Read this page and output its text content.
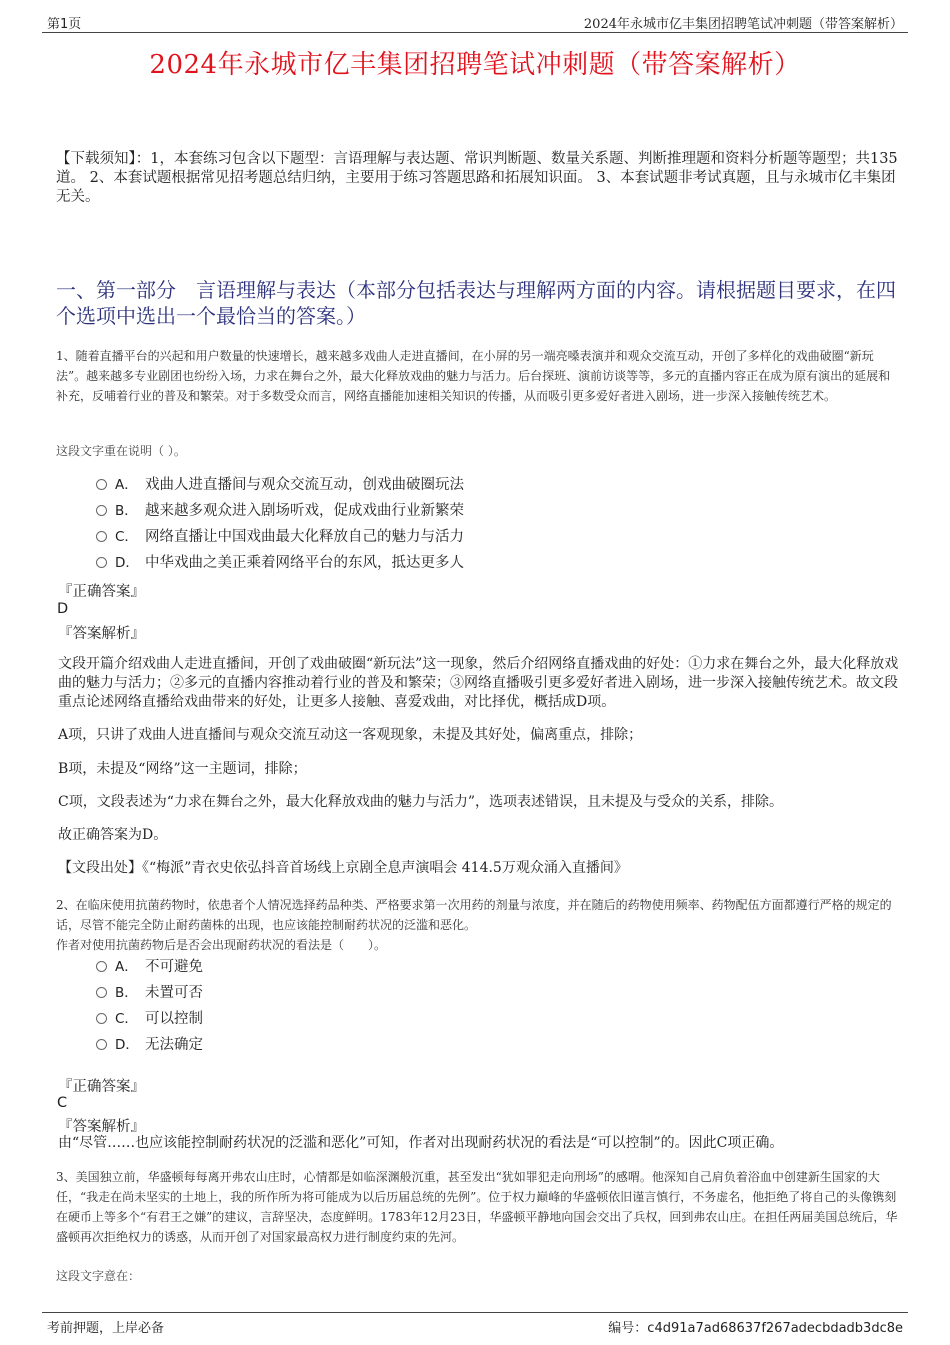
第1页	2024年永城市亿丰集团招聘笔试冲刺题（带答案解析）
2024年永城市亿丰集团招聘笔试冲刺题（带答案解析）
【下载须知】：1，本套练习包含以下题型：言语理解与表达题、常识判断题、数量关系题、判断推理题和资料分析题等题型；共135道。 2、本套试题根据常见招考题总结归纳，主要用于练习答题思路和拓展知识面。 3、本套试题非考试真题，且与永城市亿丰集团无关。
一、第一部分　言语理解与表达（本部分包括表达与理解两方面的内容。请根据题目要求，在四个选项中选出一个最恰当的答案。）

1、随着直播平台的兴起和用户数量的快速增长，越来越多戏曲人走进直播间，在小屏的另一端亮嗓表演并和观众交流互动，开创了多样化的戏曲破圈“新玩法”。越来越多专业剧团也纷纷入场，力求在舞台之外，最大化释放戏曲的魅力与活力。后台探班、演前访谈等等，多元的直播内容正在成为原有演出的延展和补充，反哺着行业的普及和繁荣。对于多数受众而言，网络直播能加速相关知识的传播，从而吸引更多爱好者进入剧场，进一步深入接触传统艺术。

这段文字重在说明（ ）。
A． 戏曲人进直播间与观众交流互动，创戏曲破圈玩法
B． 越来越多观众进入剧场听戏，促成戏曲行业新繁荣
C． 网络直播让中国戏曲最大化释放自己的魅力与活力
D． 中华戏曲之美正乘着网络平台的东风，抵达更多人
『正确答案』
D
『答案解析』
文段开篇介绍戏曲人走进直播间，开创了戏曲破圈“新玩法”这一现象，然后介绍网络直播戏曲的好处：①力求在舞台之外，最大化释放戏曲的魅力与活力；②多元的直播内容推动着行业的普及和繁荣；③网络直播吸引更多爱好者进入剧场，进一步深入接触传统艺术。故文段重点论述网络直播给戏曲带来的好处，让更多人接触、喜爱戏曲，对比择优，概括成D项。
A项，只讲了戏曲人进直播间与观众交流互动这一客观现象，未提及其好处，偏离重点，排除；
B项，未提及“网络”这一主题词，排除；
C项，文段表述为“力求在舞台之外，最大化释放戏曲的魅力与活力”，选项表述错误，且未提及与受众的关系，排除。
故正确答案为D。
【文段出处】《“梅派”青衣史依弘抖音首场线上京剧全息声演唱会 414.5万观众涌入直播间》

2、在临床使用抗菌药物时，依患者个人情况选择药品种类、严格要求第一次用药的剂量与浓度，并在随后的药物使用频率、药物配伍方面都遵行严格的规定的话，尽管不能完全防止耐药菌株的出现，也应该能控制耐药状况的泛滥和恶化。

作者对使用抗菌药物后是否会出现耐药状况的看法是（　　）。

A． 不可避免
B． 未置可否
C． 可以控制
D． 无法确定
『正确答案』
C
『答案解析』
由“尽管……也应该能控制耐药状况的泛滥和恶化”可知，作者对出现耐药状况的看法是“可以控制”的。因此C项正确。

3、美国独立前，华盛顿每每离开弗农山庄时，心情都是如临深渊般沉重，甚至发出“犹如罪犯走向刑场”的感喟。他深知自己肩负着浴血中创建新生国家的大任，“我走在尚未坚实的土地上，我的所作所为将可能成为以后历届总统的先例”。位于权力巅峰的华盛顿依旧谨言慎行，不务虚名，他拒绝了将自己的头像镌刻在硬币上等多个“有君王之嫌”的建议，言辞坚决，态度鲜明。1783年12月23日，华盛顿平静地向国会交出了兵权，回到弗农山庄。在担任两届美国总统后，华盛顿再次拒绝权力的诱惑，从而开创了对国家最高权力进行制度约束的先河。

这段文字意在：
考前押题，上岸必备	编号：c4d91a7ad68637f267adecbdadb3dc8e
